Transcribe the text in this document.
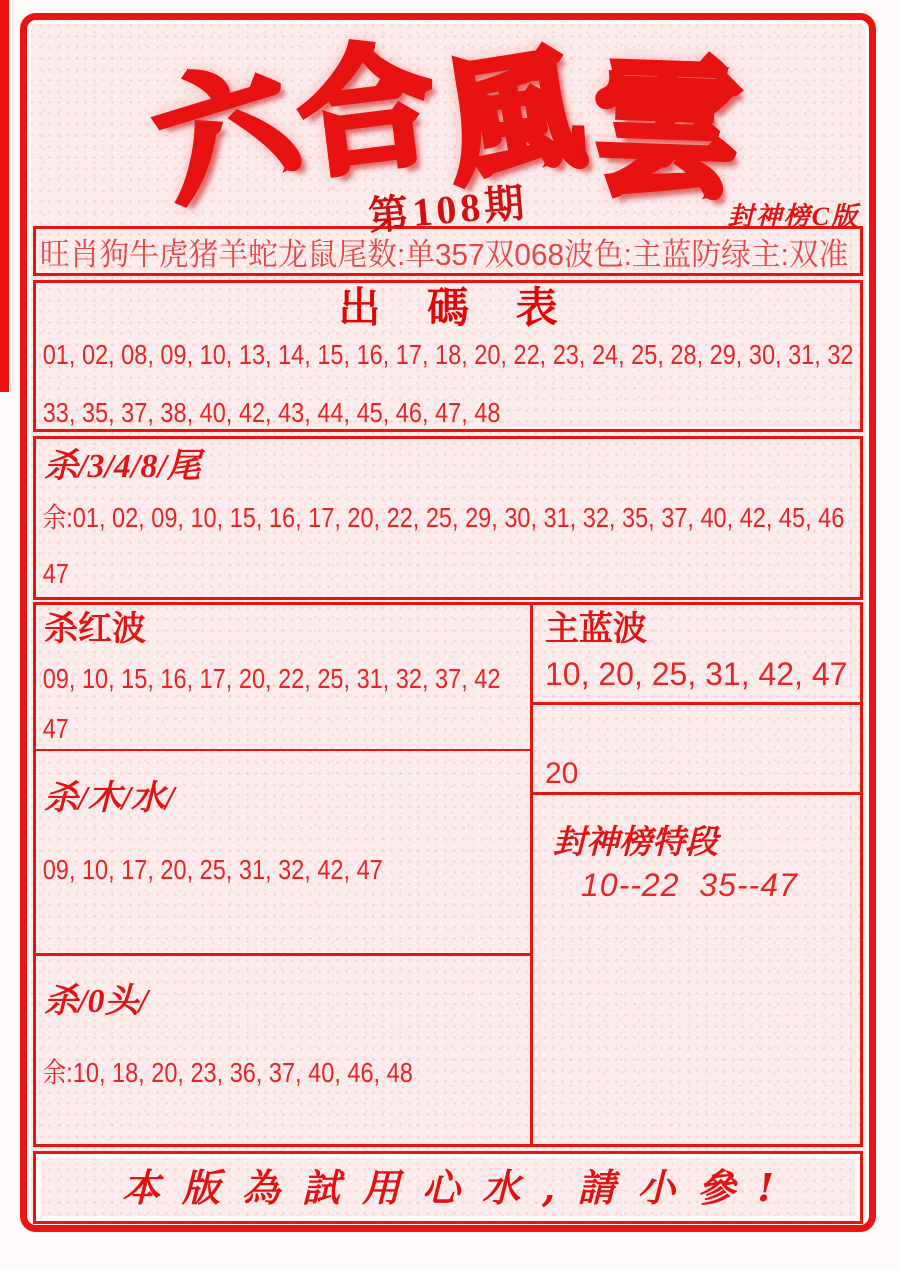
六合風雲
第108期	封神榜C版
旺肖狗牛虎猪羊蛇龙鼠尾数:单357双068波色:主蓝防绿主:双准
出 碼 表
01, 02, 08, 09, 10, 13, 14, 15, 16, 17, 18, 20, 22, 23, 24, 25, 28, 29, 30, 31, 32
33, 35, 37, 38, 40, 42, 43, 44, 45, 46, 47, 48
杀/3/4/8/尾
余:01, 02, 09, 10, 15, 16, 17, 20, 22, 25, 29, 30, 31, 32, 35, 37, 40, 42, 45, 46
47
杀红波
09, 10, 15, 16, 17, 20, 22, 25, 31, 32, 37, 42
47
杀/木/水/
09, 10, 17, 20, 25, 31, 32, 42, 47
杀/0头/
余:10, 18, 20, 23, 36, 37, 40, 46, 48
主蓝波
10, 20, 25, 31, 42, 47
20
封神榜特段
10--22  35--47
本版為試用心水,請小參!
